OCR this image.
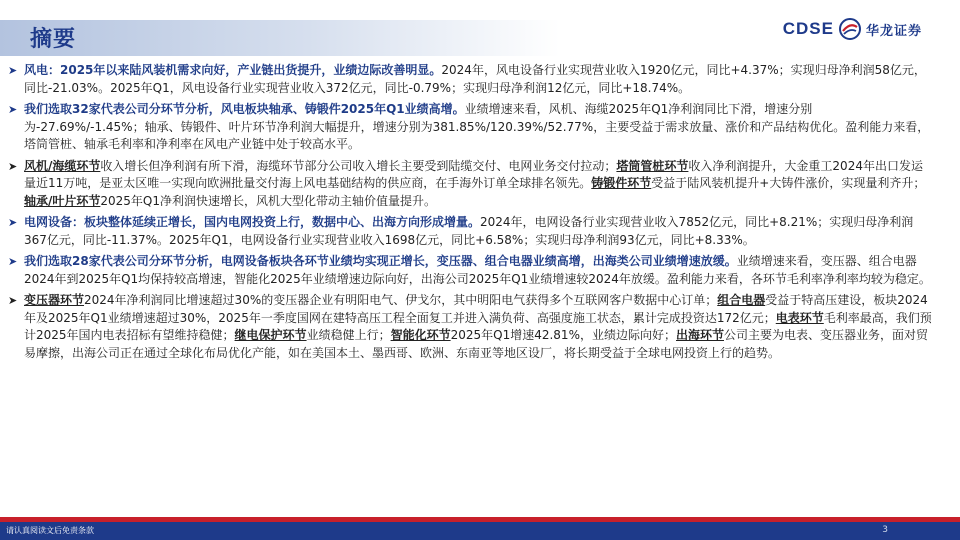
摘要	CDSE 华龙证券
➤ 风电：2025年以来陆风装机需求向好，产业链出货提升，业绩边际改善明显。2024年，风电设备行业实现营业收入1920亿元，同比+4.37%；实现归母净利润58亿元，同比-21.03%。2025年Q1，风电设备行业实现营业收入372亿元，同比-0.79%；实现归母净利润12亿元，同比+18.74%。
➤ 我们选取32家代表公司分环节分析，风电板块轴承、铸锻件2025年Q1业绩高增。业绩增速来看，风机、海缆2025年Q1净利润同比下滑，增速分别为-27.69%/-1.45%；轴承、铸锻件、叶片环节净利润大幅提升，增速分别为381.85%/120.39%/52.77%，主要受益于需求放量、涨价和产品结构优化。盈利能力来看，塔筒管桩、轴承毛利率和净利率在风电产业链中处于较高水平。
➤ 风机/海缆环节收入增长但净利润有所下滑，海缆环节部分公司收入增长主要受到陆缆交付、电网业务交付拉动；塔筒管桩环节收入净利润提升，大金重工2024年出口发运量近11万吨，是亚太区唯一实现向欧洲批量交付海上风电基础结构的供应商，在手海外订单全球排名领先。铸锻件环节受益于陆风装机提升+大铸件涨价，实现量利齐升；轴承/叶片环节2025年Q1净利润快速增长，风机大型化带动主轴价值量提升。
➤ 电网设备：板块整体延续正增长，国内电网投资上行，数据中心、出海方向形成增量。2024年，电网设备行业实现营业收入7852亿元，同比+8.21%；实现归母净利润367亿元，同比-11.37%。2025年Q1，电网设备行业实现营业收入1698亿元，同比+6.58%；实现归母净利润93亿元，同比+8.33%。
➤ 我们选取28家代表公司分环节分析，电网设备板块各环节业绩均实现正增长，变压器、组合电器业绩高增，出海类公司业绩增速放缓。业绩增速来看，变压器、组合电器2024年到2025年Q1均保持较高增速，智能化2025年业绩增速边际向好，出海公司2025年Q1业绩增速较2024年放缓。盈利能力来看，各环节毛利率净利率均较为稳定。
➤ 变压器环节2024年净利润同比增速超过30%的变压器企业有明阳电气、伊戈尔，其中明阳电气获得多个互联网客户数据中心订单；组合电器受益于特高压建设，板块2024年及2025年Q1业绩增速超过30%，2025年一季度国网在建特高压工程全面复工并进入满负荷、高强度施工状态，累计完成投资达172亿元；电表环节毛利率最高，我们预计2025年国内电表招标有望维持稳健；继电保护环节业绩稳健上行；智能化环节2025年Q1增速42.81%，业绩边际向好；出海环节公司主要为电表、变压器业务，面对贸易摩擦，出海公司正在通过全球化布局优化产能，如在美国本土、墨西哥、欧洲、东南亚等地区设厂，将长期受益于全球电网投资上行的趋势。
请认真阅读文后免责条款	3
